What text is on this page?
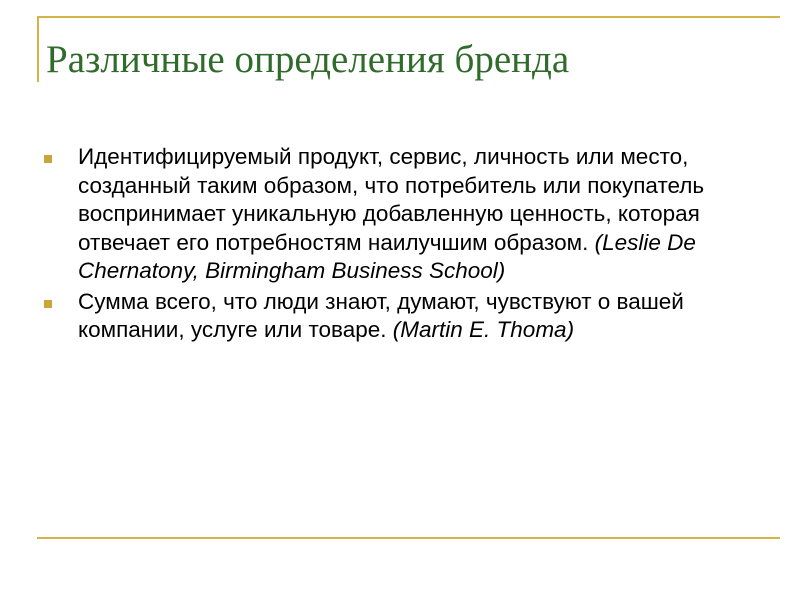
Различные определения бренда
Идентифицируемый продукт, сервис, личность или место, созданный таким образом, что потребитель или покупатель воспринимает уникальную добавленную ценность, которая отвечает его потребностям наилучшим образом. (Leslie De Chernatony, Birmingham Business School)
Сумма всего, что люди знают, думают, чувствуют о вашей компании, услуге или товаре. (Martin E. Thoma)
